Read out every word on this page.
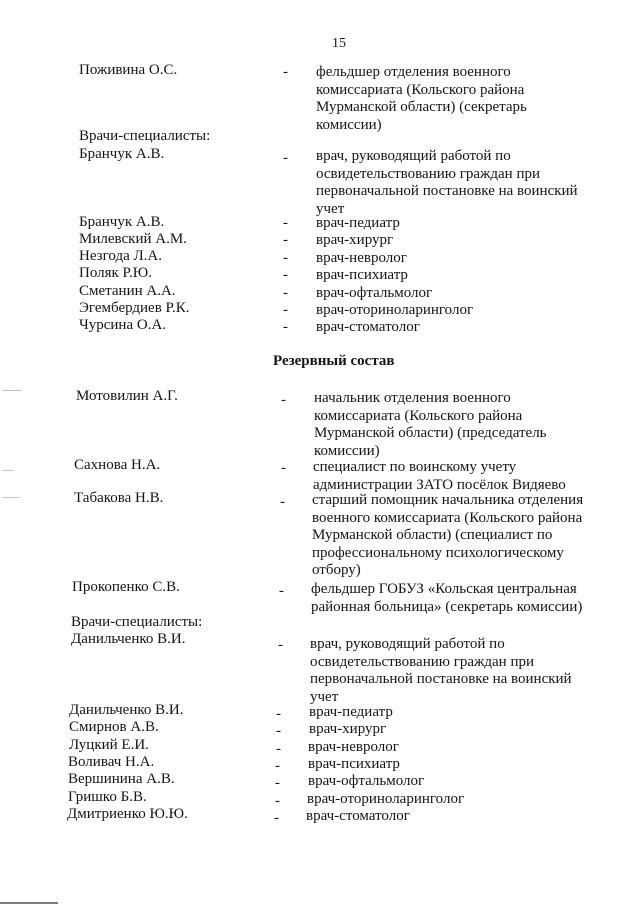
15
Поживина О.С.	- фельдшер отделения военного
комиссариата (Кольского района
Мурманской области) (секретарь
комиссии)
Врачи-специалисты:
Бранчук А.В.	- врач, руководящий работой по
освидетельствованию граждан при
первоначальной постановке на воинский
учет
Бранчук А.В.	- врач-педиатр
Милевский А.М.	- врач-хирург
Незгода Л.А.	- врач-невролог
Поляк Р.Ю.	- врач-психиатр
Сметанин А.А.	- врач-офтальмолог
Эгембердиев Р.К.	- врач-оториноларинголог
Чурсина О.А.	- врач-стоматолог
Резервный состав
Мотовилин А.Г.	- начальник отделения военного
комиссариата (Кольского района
Мурманской области) (председатель
комиссии)
Сахнова Н.А.	- специалист по воинскому учету
администрации ЗАТО посёлок Видяево
Табакова Н.В.	- старший помощник начальника отделения
военного комиссариата (Кольского района
Мурманской области) (специалист по
профессиональному психологическому
отбору)
Прокопенко С.В.	- фельдшер ГОБУЗ «Кольская центральная
районная больница» (секретарь комиссии)
Врачи-специалисты:
Данильченко В.И.	- врач, руководящий работой по
освидетельствованию граждан при
первоначальной постановке на воинский
учет
Данильченко В.И.	- врач-педиатр
Смирнов А.В.	- врач-хирург
Луцкий Е.И.	- врач-невролог
Воливач Н.А.	- врач-психиатр
Вершинина А.В.	- врач-офтальмолог
Гришко Б.В.	- врач-оториноларинголог
Дмитриенко Ю.Ю.	- врач-стоматолог
